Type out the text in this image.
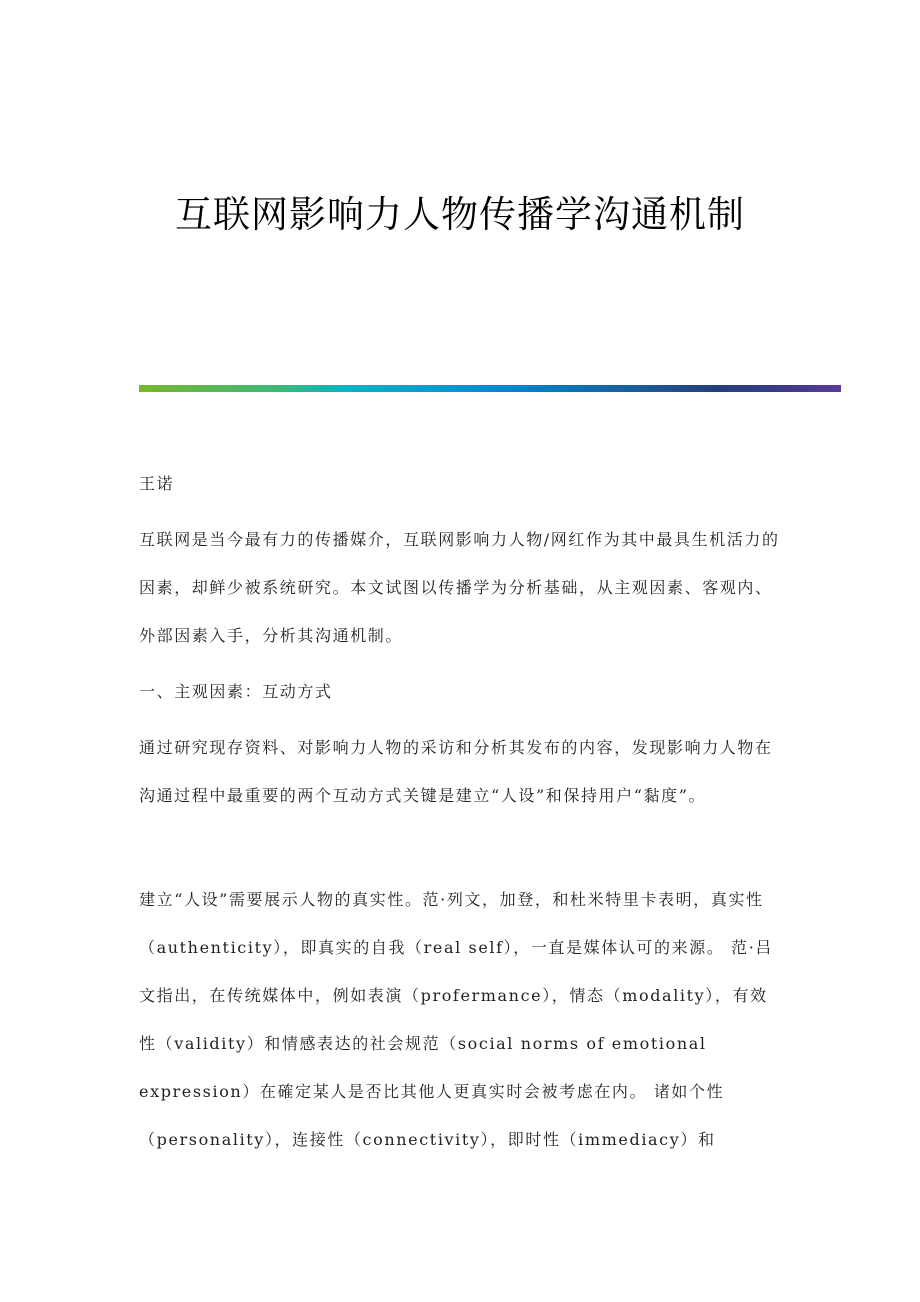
互联网影响力人物传播学沟通机制

王诺

互联网是当今最有力的传播媒介，互联网影响力人物/网红作为其中最具生机活力的因素，却鲜少被系统研究。本文试图以传播学为分析基础，从主观因素、客观内、外部因素入手，分析其沟通机制。

一、主观因素：互动方式

通过研究现存资料、对影响力人物的采访和分析其发布的内容，发现影响力人物在沟通过程中最重要的两个互动方式关键是建立“人设”和保持用户“黏度”。

建立“人设”需要展示人物的真实性。范·列文，加登，和杜米特里卡表明，真实性（authenticity），即真实的自我（real self），一直是媒体认可的来源。 范·吕文指出，在传统媒体中，例如表演（profermance），情态（modality），有效性（validity）和情感表达的社会规范（social norms of emotional expression）在確定某人是否比其他人更真实时会被考虑在内。 诸如个性（personality），连接性（connectivity），即时性（immediacy）和
